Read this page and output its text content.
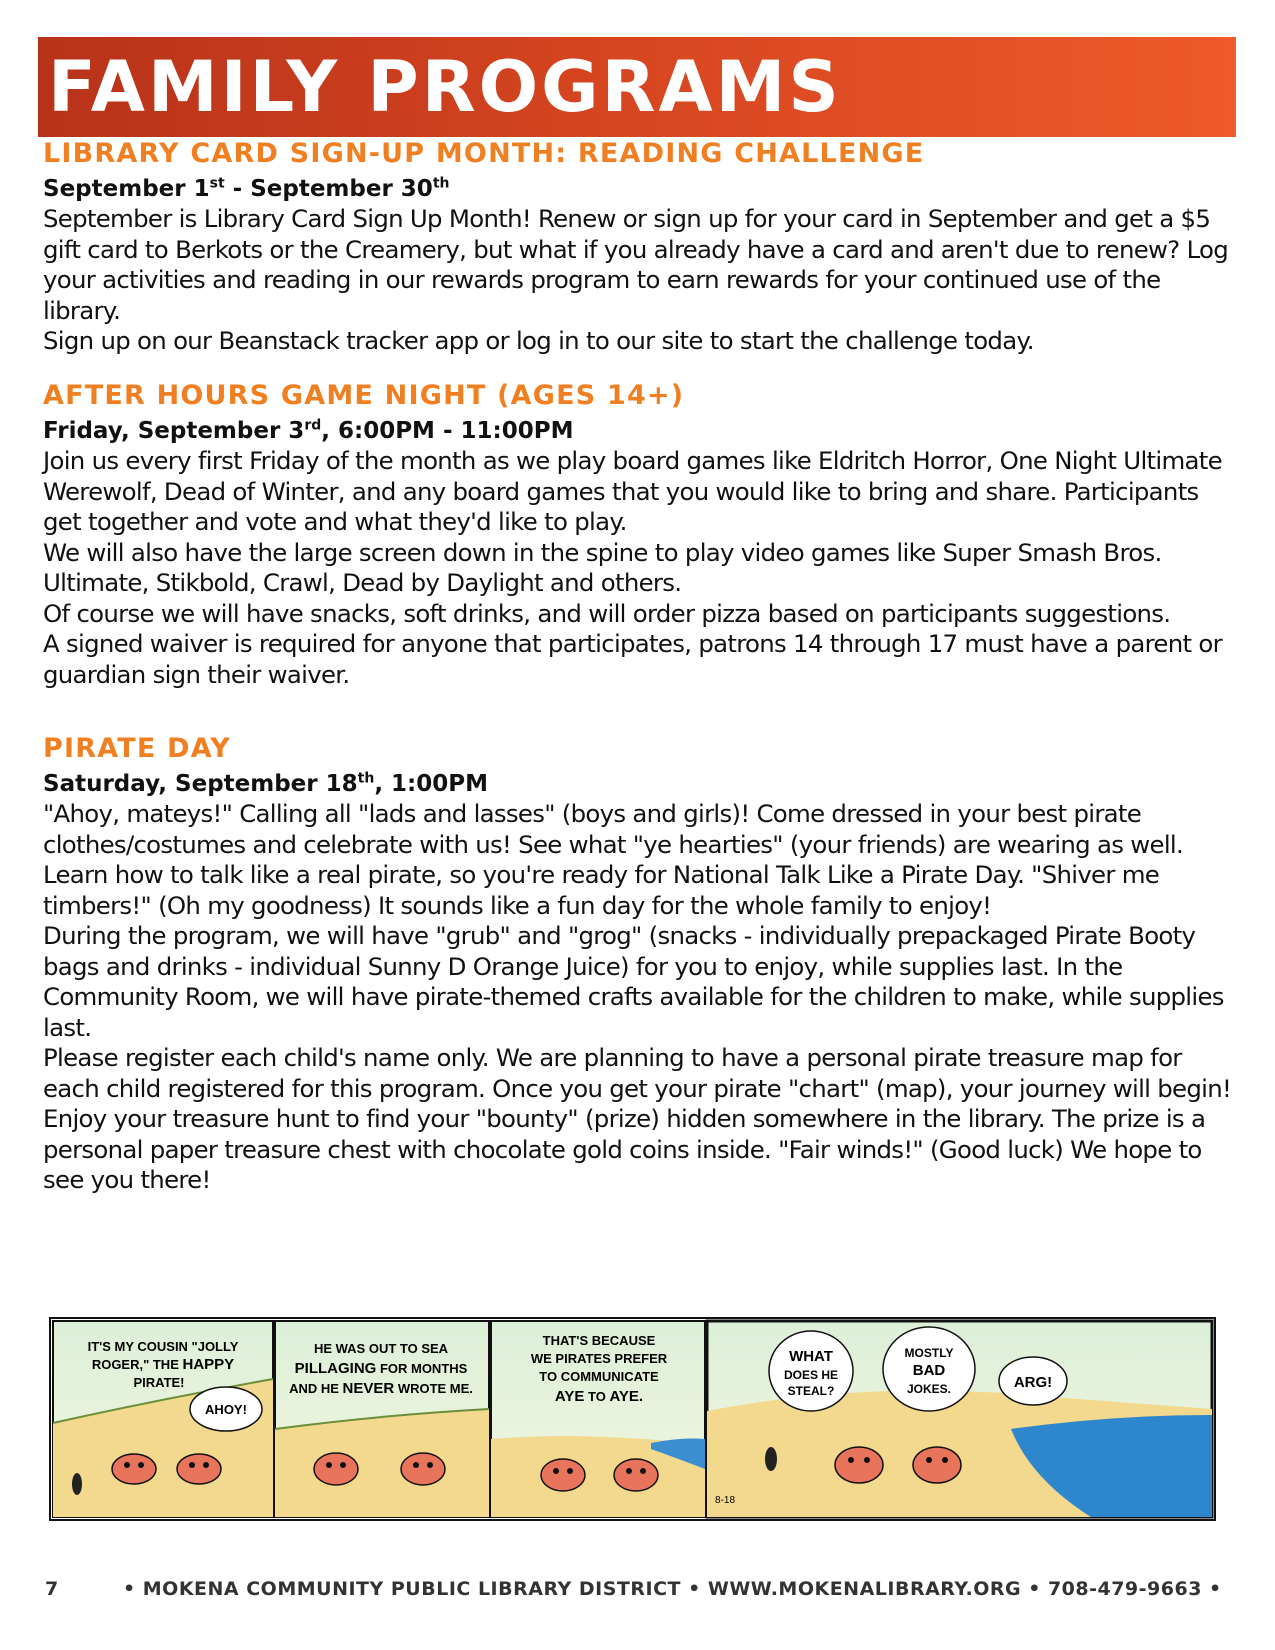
FAMILY PROGRAMS
LIBRARY CARD SIGN-UP MONTH: READING CHALLENGE
September 1st - September 30th

September is Library Card Sign Up Month! Renew or sign up for your card in September and get a $5 gift card to Berkots or the Creamery, but what if you already have a card and aren't due to renew? Log your activities and reading in our rewards program to earn rewards for your continued use of the library.

Sign up on our Beanstack tracker app or log in to our site to start the challenge today.

AFTER HOURS GAME NIGHT (AGES 14+)
Friday, September 3rd, 6:00PM - 11:00PM

Join us every first Friday of the month as we play board games like Eldritch Horror, One Night Ultimate Werewolf, Dead of Winter, and any board games that you would like to bring and share. Participants get together and vote and what they'd like to play.

We will also have the large screen down in the spine to play video games like Super Smash Bros. Ultimate, Stikbold, Crawl, Dead by Daylight and others.

Of course we will have snacks, soft drinks, and will order pizza based on participants suggestions.

A signed waiver is required for anyone that participates, patrons 14 through 17 must have a parent or guardian sign their waiver.

PIRATE DAY
Saturday, September 18th, 1:00PM

"Ahoy, mateys!" Calling all "lads and lasses" (boys and girls)! Come dressed in your best pirate clothes/costumes and celebrate with us! See what "ye hearties" (your friends) are wearing as well. Learn how to talk like a real pirate, so you're ready for National Talk Like a Pirate Day. "Shiver me timbers!" (Oh my goodness) It sounds like a fun day for the whole family to enjoy!

During the program, we will have "grub" and "grog" (snacks - individually prepackaged Pirate Booty bags and drinks - individual Sunny D Orange Juice) for you to enjoy, while supplies last. In the Community Room, we will have pirate-themed crafts available for the children to make, while supplies last.

Please register each child's name only. We are planning to have a personal pirate treasure map for each child registered for this program. Once you get your pirate "chart" (map), your journey will begin! Enjoy your treasure hunt to find your "bounty" (prize) hidden somewhere in the library. The prize is a personal paper treasure chest with chocolate gold coins inside. "Fair winds!" (Good luck) We hope to see you there!

IT'S MY COUSIN "JOLLY
ROGER," THE HAPPY
PIRATE!
AHOY!
HE WAS OUT TO SEA
PILLAGING FOR MONTHS
AND HE NEVER WROTE ME.
THAT'S BECAUSE
WE PIRATES PREFER
TO COMMUNICATE
AYE TO AYE.
WHAT
DOES HE
STEAL?
MOSTLY
BAD
JOKES.	ARG!
8-18
7	• MOKENA COMMUNITY PUBLIC LIBRARY DISTRICT • WWW.MOKENALIBRARY.ORG • 708-479-9663 •
